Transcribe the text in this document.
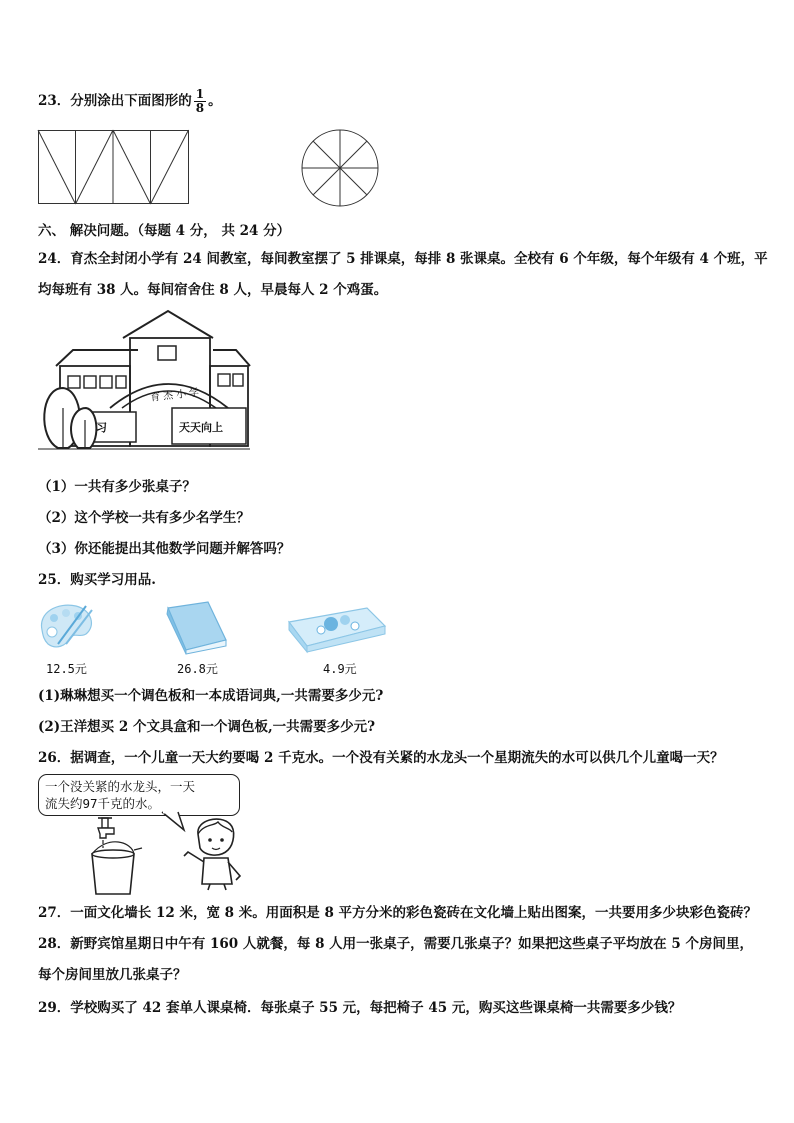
23．分别涂出下面图形的 $\frac{1}{8}$ 。
六、 解决问题。（每题 4 分， 共 24 分）
24．育杰全封闭小学有 24 间教室，每间教室摆了 5 排课桌，每排 8 张课桌。全校有 6 个年级，每个年级有 4 个班，平
均每班有 38 人。每间宿舍住 8 人，早晨每人 2 个鸡蛋。
育杰小学
习	天天向上
（1）一共有多少张桌子？
（2）这个学校一共有多少名学生？
（3）你还能提出其他数学问题并解答吗？
25．购买学习用品.
12.5元	26.8元	4.9元
(1)琳琳想买一个调色板和一本成语词典,一共需要多少元?
(2)王洋想买 2 个文具盒和一个调色板,一共需要多少元?
26．据调查，一个儿童一天大约要喝 2 千克水。一个没有关紧的水龙头一个星期流失的水可以供几个儿童喝一天？
一个没关紧的水龙头，一天
流失约97千克的水。
27．一面文化墙长 12 米，宽 8 米。用面积是 8 平方分米的彩色瓷砖在文化墙上贴出图案，一共要用多少块彩色瓷砖？
28．新野宾馆星期日中午有 160 人就餐，每 8 人用一张桌子，需要几张桌子？如果把这些桌子平均放在 5 个房间里，
每个房间里放几张桌子？
29．学校购买了 42 套单人课桌椅．每张桌子 55 元，每把椅子 45 元，购买这些课桌椅一共需要多少钱？
